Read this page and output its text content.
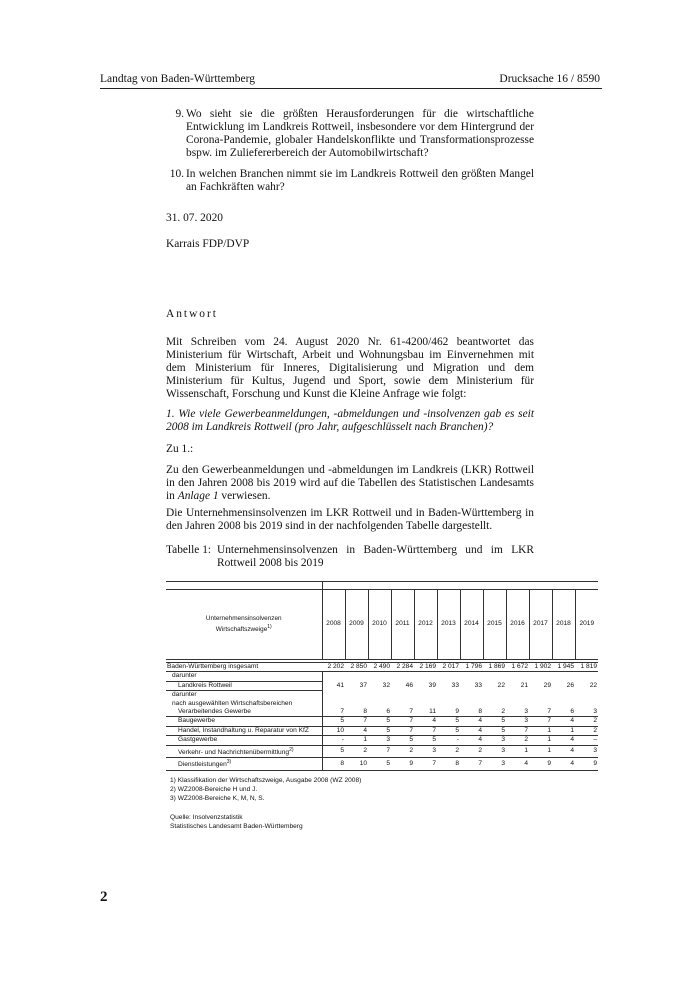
Landtag von Baden-Württemberg	Drucksache 16 / 8590
9. Wo sieht sie die größten Herausforderungen für die wirtschaftliche Entwicklung im Landkreis Rottweil, insbesondere vor dem Hintergrund der Corona-Pandemie, globaler Handelskonflikte und Transformationsprozesse bspw. im Zuliefererbereich der Automobilwirtschaft?
10. In welchen Branchen nimmt sie im Landkreis Rottweil den größten Mangel an Fachkräften wahr?
31. 07. 2020
Karrais FDP/DVP
Antwort
Mit Schreiben vom 24. August 2020 Nr. 61-4200/462 beantwortet das Ministerium für Wirtschaft, Arbeit und Wohnungsbau im Einvernehmen mit dem Ministerium für Inneres, Digitalisierung und Migration und dem Ministerium für Kultus, Jugend und Sport, sowie dem Ministerium für Wissenschaft, Forschung und Kunst die Kleine Anfrage wie folgt:
1. Wie viele Gewerbeanmeldungen, -abmeldungen und -insolvenzen gab es seit 2008 im Landkreis Rottweil (pro Jahr, aufgeschlüsselt nach Branchen)?
Zu 1.:
Zu den Gewerbeanmeldungen und -abmeldungen im Landkreis (LKR) Rottweil in den Jahren 2008 bis 2019 wird auf die Tabellen des Statistischen Landesamts in Anlage 1 verwiesen.
Die Unternehmensinsolvenzen im LKR Rottweil und in Baden-Württemberg in den Jahren 2008 bis 2019 sind in der nachfolgenden Tabelle dargestellt.
Tabelle 1: Unternehmensinsolvenzen in Baden-Württemberg und im LKR Rottweil 2008 bis 2019

Unternehmensinsolvenzen
Wirtschaftszweige$^{1)}$	2008	2009	2010	2011	2012	2013	2014	2015	2016	2017	2018	2019

Baden-Württemberg insgesamt	2 202	2 850	2 490	2 284	2 169	2 017	1 796	1 869	1 672	1 902	1 945	1 819
darunter												
Landkreis Rottweil	41	37	32	46	39	33	33	22	21	29	26	22
darunter												
nach ausgewählten Wirtschaftsbereichen												
Verarbeitendes Gewerbe	7	8	6	7	11	9	8	2	3	7	6	3
Baugewerbe	5	7	5	7	4	5	4	5	3	7	4	2
Handel, Instandhaltung u. Reparatur von KfZ	10	4	5	7	7	5	4	5	7	1	1	2
Gastgewerbe	-	1	3	5	5	-	4	3	2	1	4	–
Verkehr- und Nachrichtenübermittlung$^{2)}$	5	2	7	2	3	2	2	3	1	1	4	3
Dienstleistungen$^{3)}$	8	10	5	9	7	8	7	3	4	9	4	9
1) Klassifikation der Wirtschaftszweige, Ausgabe 2008 (WZ 2008)
2) WZ2008-Bereiche H und J.
3) WZ2008-Bereiche K, M, N, S.
Quelle: Insolvenzstatistik
Statistisches Landesamt Baden-Württemberg
2
